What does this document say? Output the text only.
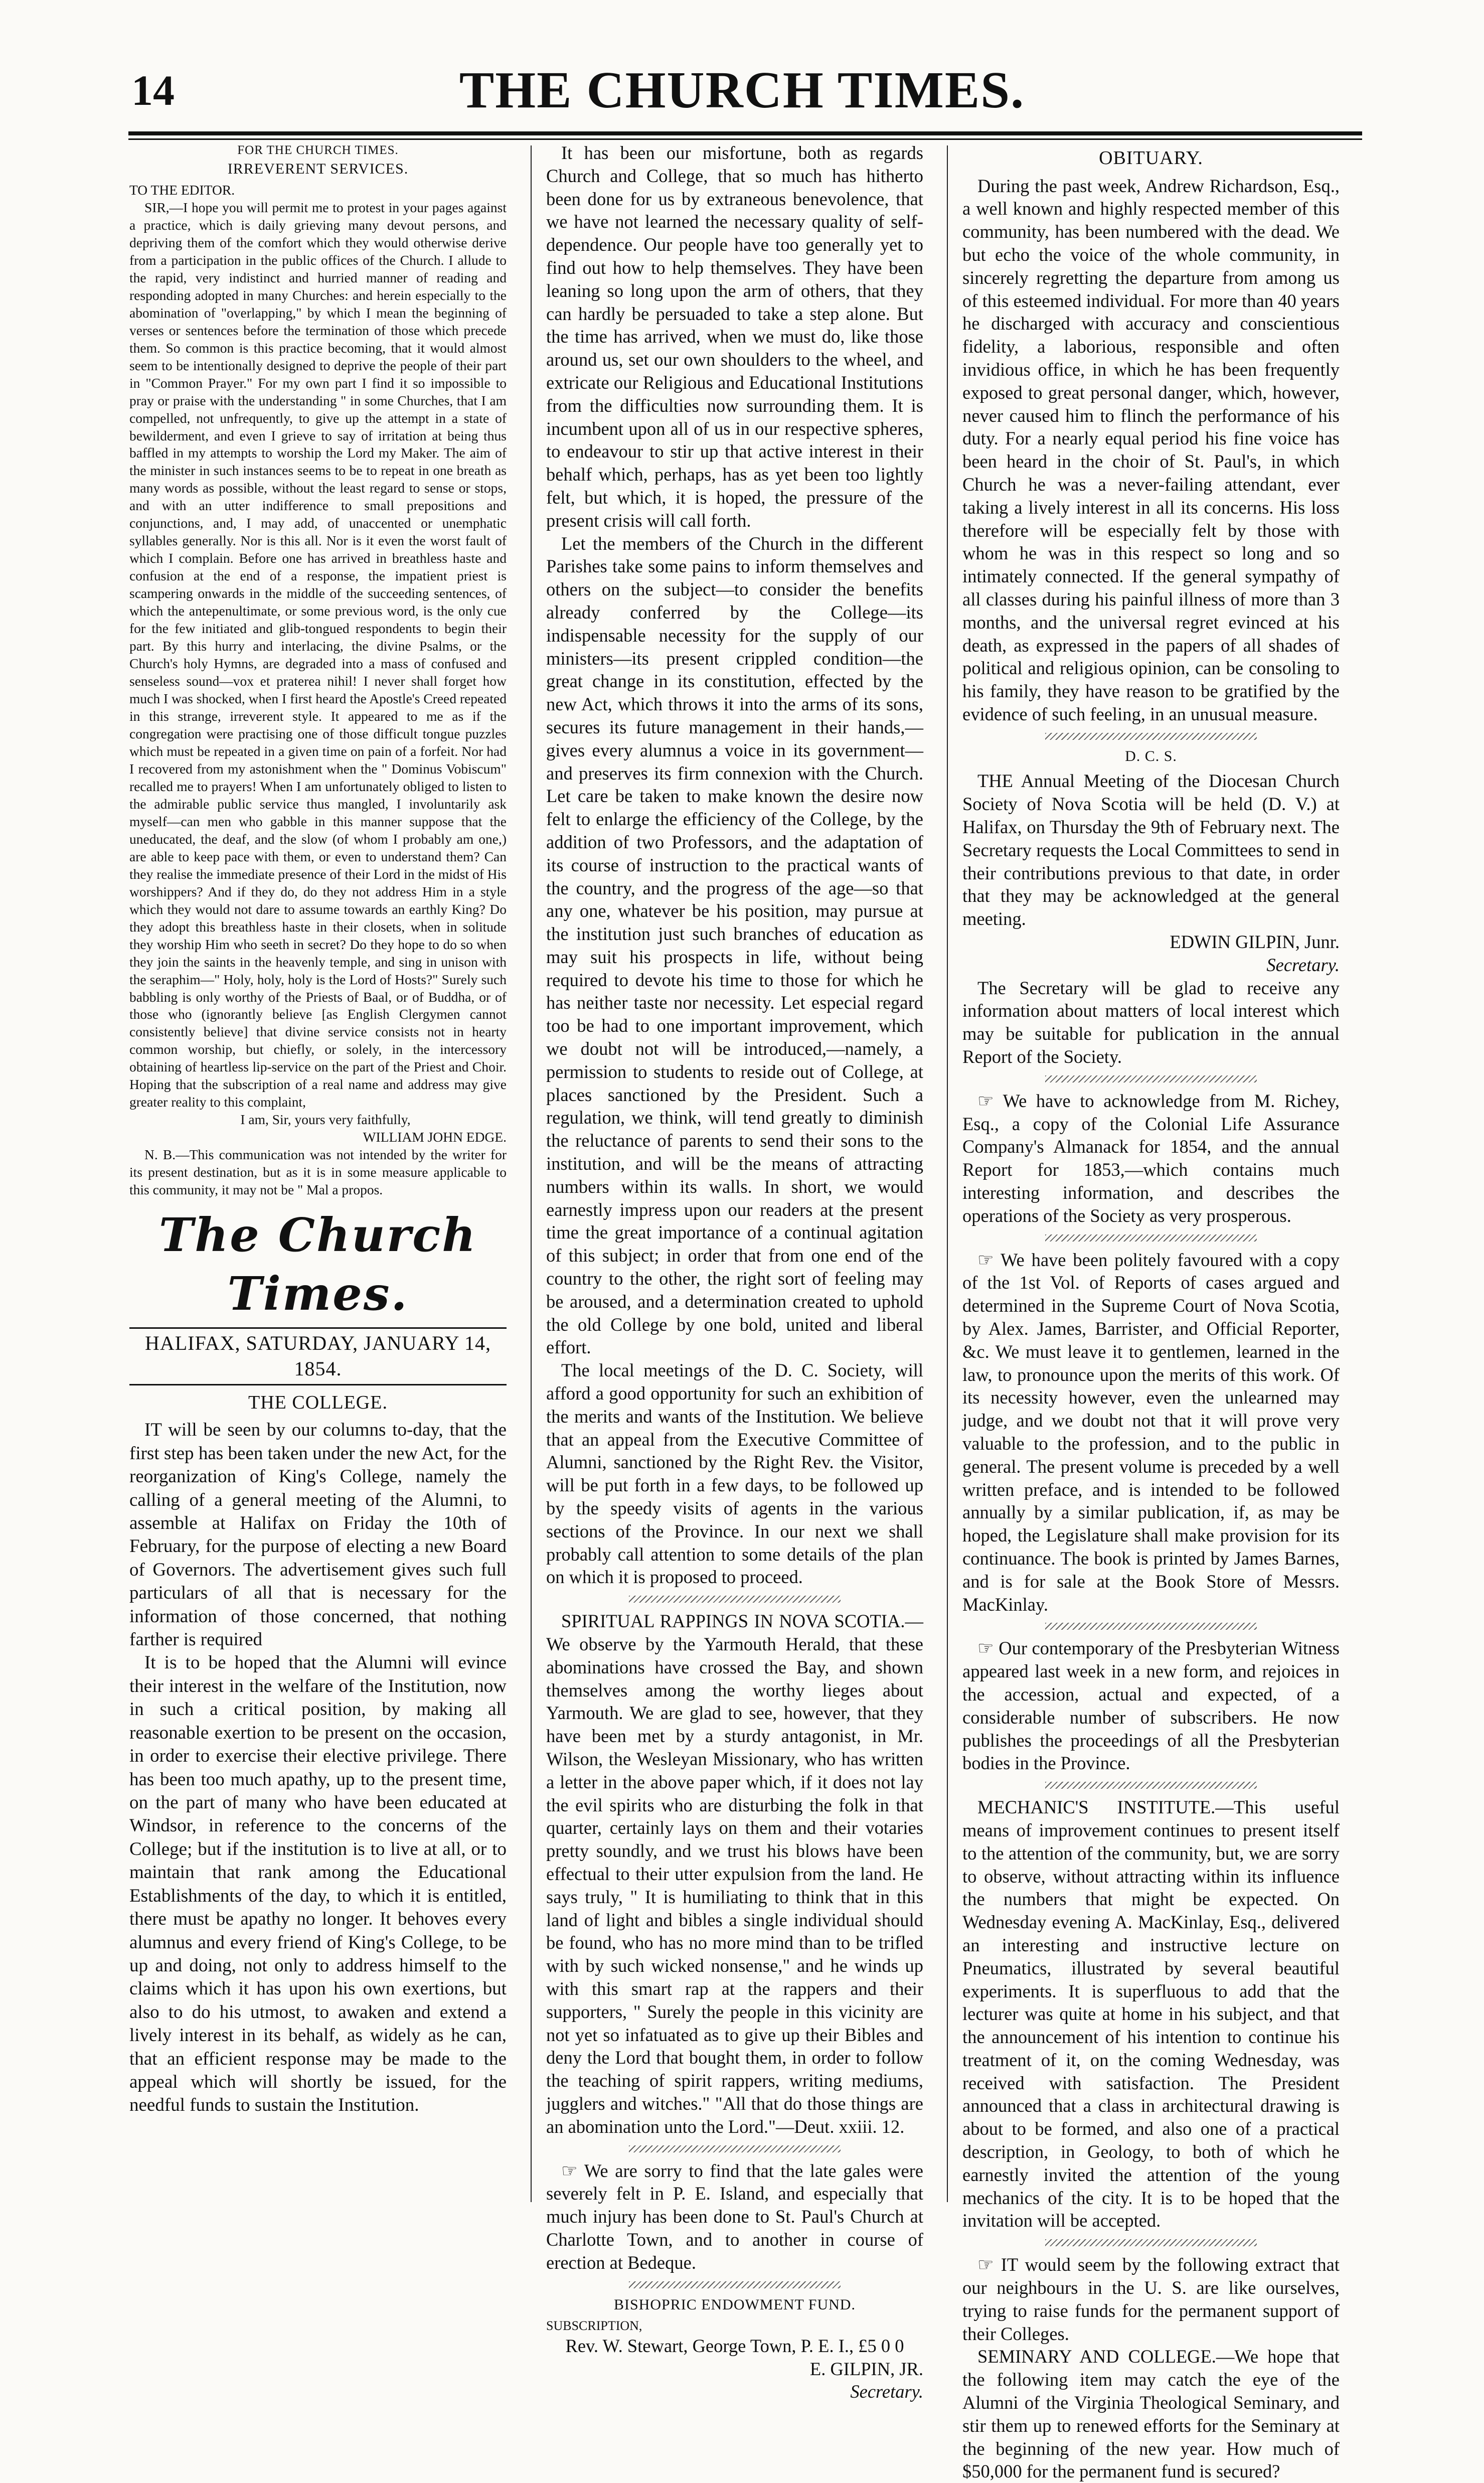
14	THE CHURCH TIMES.
FOR THE CHURCH TIMES.
IRREVERENT SERVICES.

TO THE EDITOR.

SIR,—I hope you will permit me to protest in your pages against a practice, which is daily grieving many devout persons, and depriving them of the comfort which they would otherwise derive from a participation in the public offices of the Church. I allude to the rapid, very indistinct and hurried manner of reading and responding adopted in many Churches: and herein especially to the abomination of "overlapping," by which I mean the beginning of verses or sentences before the termination of those which precede them. So common is this practice becoming, that it would almost seem to be intentionally designed to deprive the people of their part in "Common Prayer." For my own part I find it so impossible to pray or praise with the understanding " in some Churches, that I am compelled, not unfrequently, to give up the attempt in a state of bewilderment, and even I grieve to say of irritation at being thus baffled in my attempts to worship the Lord my Maker. The aim of the minister in such instances seems to be to repeat in one breath as many words as possible, without the least regard to sense or stops, and with an utter indifference to small prepositions and conjunctions, and, I may add, of unaccented or unemphatic syllables generally. Nor is this all. Nor is it even the worst fault of which I complain. Before one has arrived in breathless haste and confusion at the end of a response, the impatient priest is scampering onwards in the middle of the succeeding sentences, of which the antepenultimate, or some previous word, is the only cue for the few initiated and glib-tongued respondents to begin their part. By this hurry and interlacing, the divine Psalms, or the Church's holy Hymns, are degraded into a mass of confused and senseless sound—vox et praterea nihil! I never shall forget how much I was shocked, when I first heard the Apostle's Creed repeated in this strange, irreverent style. It appeared to me as if the congregation were practising one of those difficult tongue puzzles which must be repeated in a given time on pain of a forfeit. Nor had I recovered from my astonishment when the " Dominus Vobiscum" recalled me to prayers! When I am unfortunately obliged to listen to the admirable public service thus mangled, I involuntarily ask myself—can men who gabble in this manner suppose that the uneducated, the deaf, and the slow (of whom I probably am one,) are able to keep pace with them, or even to understand them? Can they realise the immediate presence of their Lord in the midst of His worshippers? And if they do, do they not address Him in a style which they would not dare to assume towards an earthly King? Do they adopt this breathless haste in their closets, when in solitude they worship Him who seeth in secret? Do they hope to do so when they join the saints in the heavenly temple, and sing in unison with the seraphim—" Holy, holy, holy is the Lord of Hosts?" Surely such babbling is only worthy of the Priests of Baal, or of Buddha, or of those who (ignorantly believe [as English Clergymen cannot consistently believe] that divine service consists not in hearty common worship, but chiefly, or solely, in the intercessory obtaining of heartless lip-service on the part of the Priest and Choir. Hoping that the subscription of a real name and address may give greater reality to this complaint,

I am, Sir, yours very faithfully,

WILLIAM JOHN EDGE.

N. B.—This communication was not intended by the writer for its present destination, but as it is in some measure applicable to this community, it may not be " Mal a propos.

The Church Times.
HALIFAX, SATURDAY, JANUARY 14, 1854.
THE COLLEGE.

IT will be seen by our columns to-day, that the first step has been taken under the new Act, for the reorganization of King's College, namely the calling of a general meeting of the Alumni, to assemble at Halifax on Friday the 10th of February, for the purpose of electing a new Board of Governors. The advertisement gives such full particulars of all that is necessary for the information of those concerned, that nothing farther is required

It is to be hoped that the Alumni will evince their interest in the welfare of the Institution, now in such a critical position, by making all reasonable exertion to be present on the occasion, in order to exercise their elective privilege. There has been too much apathy, up to the present time, on the part of many who have been educated at Windsor, in reference to the concerns of the College; but if the institution is to live at all, or to maintain that rank among the Educational Establishments of the day, to which it is entitled, there must be apathy no longer. It behoves every alumnus and every friend of King's College, to be up and doing, not only to address himself to the claims which it has upon his own exertions, but also to do his utmost, to awaken and extend a lively interest in its behalf, as widely as he can, that an efficient response may be made to the appeal which will shortly be issued, for the needful funds to sustain the Institution.

It has been our misfortune, both as regards Church and College, that so much has hitherto been done for us by extraneous benevolence, that we have not learned the necessary quality of self-dependence. Our people have too generally yet to find out how to help themselves. They have been leaning so long upon the arm of others, that they can hardly be persuaded to take a step alone. But the time has arrived, when we must do, like those around us, set our own shoulders to the wheel, and extricate our Religious and Educational Institutions from the difficulties now surrounding them. It is incumbent upon all of us in our respective spheres, to endeavour to stir up that active interest in their behalf which, perhaps, has as yet been too lightly felt, but which, it is hoped, the pressure of the present crisis will call forth.

Let the members of the Church in the different Parishes take some pains to inform themselves and others on the subject—to consider the benefits already conferred by the College—its indispensable necessity for the supply of our ministers—its present crippled condition—the great change in its constitution, effected by the new Act, which throws it into the arms of its sons, secures its future management in their hands,—gives every alumnus a voice in its government—and preserves its firm connexion with the Church. Let care be taken to make known the desire now felt to enlarge the efficiency of the College, by the addition of two Professors, and the adaptation of its course of instruction to the practical wants of the country, and the progress of the age—so that any one, whatever be his position, may pursue at the institution just such branches of education as may suit his prospects in life, without being required to devote his time to those for which he has neither taste nor necessity. Let especial regard too be had to one important improvement, which we doubt not will be introduced,—namely, a permission to students to reside out of College, at places sanctioned by the President. Such a regulation, we think, will tend greatly to diminish the reluctance of parents to send their sons to the institution, and will be the means of attracting numbers within its walls. In short, we would earnestly impress upon our readers at the present time the great importance of a continual agitation of this subject; in order that from one end of the country to the other, the right sort of feeling may be aroused, and a determination created to uphold the old College by one bold, united and liberal effort.

The local meetings of the D. C. Society, will afford a good opportunity for such an exhibition of the merits and wants of the Institution. We believe that an appeal from the Executive Committee of Alumni, sanctioned by the Right Rev. the Visitor, will be put forth in a few days, to be followed up by the speedy visits of agents in the various sections of the Province. In our next we shall probably call attention to some details of the plan on which it is proposed to proceed.

SPIRITUAL RAPPINGS IN NOVA SCOTIA.—We observe by the Yarmouth Herald, that these abominations have crossed the Bay, and shown themselves among the worthy lieges about Yarmouth. We are glad to see, however, that they have been met by a sturdy antagonist, in Mr. Wilson, the Wesleyan Missionary, who has written a letter in the above paper which, if it does not lay the evil spirits who are disturbing the folk in that quarter, certainly lays on them and their votaries pretty soundly, and we trust his blows have been effectual to their utter expulsion from the land. He says truly, " It is humiliating to think that in this land of light and bibles a single individual should be found, who has no more mind than to be trifled with by such wicked nonsense," and he winds up with this smart rap at the rappers and their supporters, " Surely the people in this vicinity are not yet so infatuated as to give up their Bibles and deny the Lord that bought them, in order to follow the teaching of spirit rappers, writing mediums, jugglers and witches." "All that do those things are an abomination unto the Lord."—Deut. xxiii. 12.

☞ We are sorry to find that the late gales were severely felt in P. E. Island, and especially that much injury has been done to St. Paul's Church at Charlotte Town, and to another in course of erection at Bedeque.

BISHOPRIC ENDOWMENT FUND.

SUBSCRIPTION,

Rev. W. Stewart, George Town, P. E. I., £5 0 0

E. GILPIN, JR.

Secretary.

OBITUARY.

During the past week, Andrew Richardson, Esq., a well known and highly respected member of this community, has been numbered with the dead. We but echo the voice of the whole community, in sincerely regretting the departure from among us of this esteemed individual. For more than 40 years he discharged with accuracy and conscientious fidelity, a laborious, responsible and often invidious office, in which he has been frequently exposed to great personal danger, which, however, never caused him to flinch the performance of his duty. For a nearly equal period his fine voice has been heard in the choir of St. Paul's, in which Church he was a never-failing attendant, ever taking a lively interest in all its concerns. His loss therefore will be especially felt by those with whom he was in this respect so long and so intimately connected. If the general sympathy of all classes during his painful illness of more than 3 months, and the universal regret evinced at his death, as expressed in the papers of all shades of political and religious opinion, can be consoling to his family, they have reason to be gratified by the evidence of such feeling, in an unusual measure.

D. C. S.

THE Annual Meeting of the Diocesan Church Society of Nova Scotia will be held (D. V.) at Halifax, on Thursday the 9th of February next. The Secretary requests the Local Committees to send in their contributions previous to that date, in order that they may be acknowledged at the general meeting.

EDWIN GILPIN, Junr.

Secretary.

The Secretary will be glad to receive any information about matters of local interest which may be suitable for publication in the annual Report of the Society.

☞ We have to acknowledge from M. Richey, Esq., a copy of the Colonial Life Assurance Company's Almanack for 1854, and the annual Report for 1853,—which contains much interesting information, and describes the operations of the Society as very prosperous.

☞ We have been politely favoured with a copy of the 1st Vol. of Reports of cases argued and determined in the Supreme Court of Nova Scotia, by Alex. James, Barrister, and Official Reporter, &c. We must leave it to gentlemen, learned in the law, to pronounce upon the merits of this work. Of its necessity however, even the unlearned may judge, and we doubt not that it will prove very valuable to the profession, and to the public in general. The present volume is preceded by a well written preface, and is intended to be followed annually by a similar publication, if, as may be hoped, the Legislature shall make provision for its continuance. The book is printed by James Barnes, and is for sale at the Book Store of Messrs. MacKinlay.

☞ Our contemporary of the Presbyterian Witness appeared last week in a new form, and rejoices in the accession, actual and expected, of a considerable number of subscribers. He now publishes the proceedings of all the Presbyterian bodies in the Province.

MECHANIC'S INSTITUTE.—This useful means of improvement continues to present itself to the attention of the community, but, we are sorry to observe, without attracting within its influence the numbers that might be expected. On Wednesday evening A. MacKinlay, Esq., delivered an interesting and instructive lecture on Pneumatics, illustrated by several beautiful experiments. It is superfluous to add that the lecturer was quite at home in his subject, and that the announcement of his intention to continue his treatment of it, on the coming Wednesday, was received with satisfaction. The President announced that a class in architectural drawing is about to be formed, and also one of a practical description, in Geology, to both of which he earnestly invited the attention of the young mechanics of the city. It is to be hoped that the invitation will be accepted.

☞ IT would seem by the following extract that our neighbours in the U. S. are like ourselves, trying to raise funds for the permanent support of their Colleges.

SEMINARY AND COLLEGE.—We hope that the following item may catch the eye of the Alumni of the Virginia Theological Seminary, and stir them up to renewed efforts for the Seminary at the beginning of the new year. How much of $50,000 for the permanent fund is secured?
